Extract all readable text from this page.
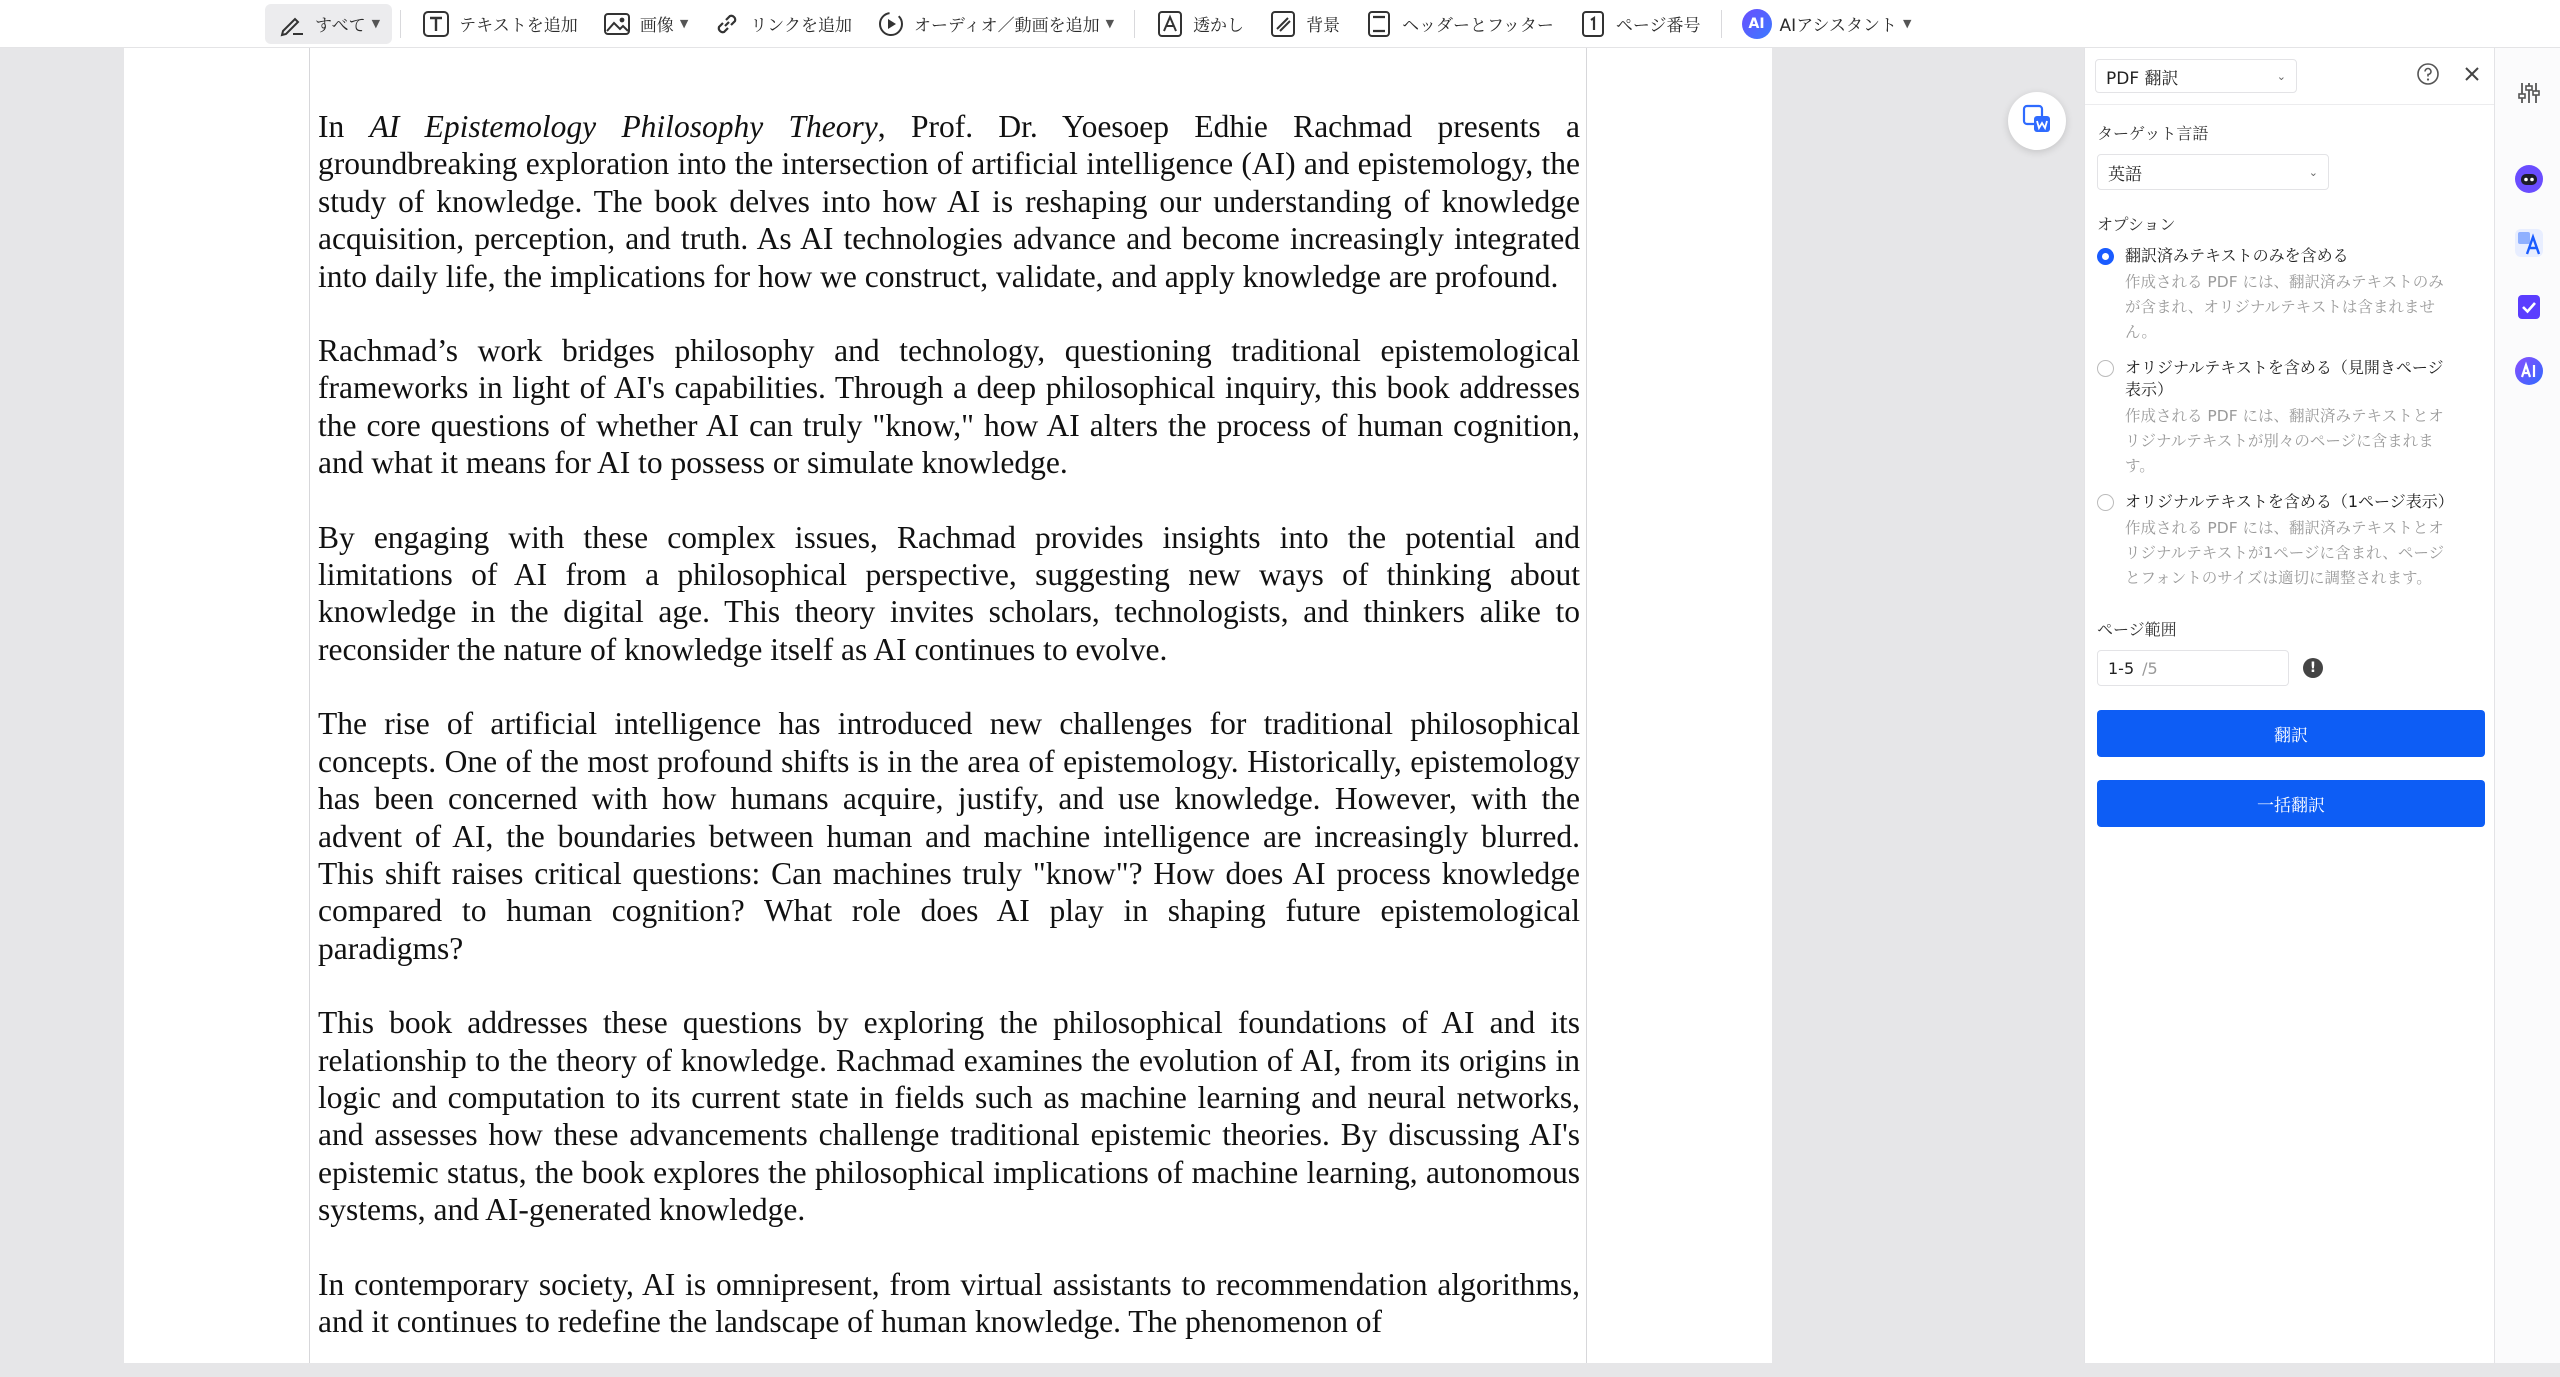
すべて ▼	テキストを追加	画像 ▼	リンクを追加	オーディオ／動画を追加 ▼	透かし	背景	ヘッダーとフッター	ページ番号	AI AIアシスタント ▼

In AI Epistemology Philosophy Theory, Prof. Dr. Yoesoep Edhie Rachmad presents a groundbreaking exploration into the intersection of artificial intelligence (AI) and epistemology, the study of knowledge. The book delves into how AI is reshaping our understanding of knowledge acquisition, perception, and truth. As AI technologies advance and become increasingly integrated into daily life, the implications for how we construct, validate, and apply knowledge are profound.

Rachmad’s work bridges philosophy and technology, questioning traditional epistemological frameworks in light of AI's capabilities. Through a deep philosophical inquiry, this book addresses the core questions of whether AI can truly "know," how AI alters the process of human cognition, and what it means for AI to possess or simulate knowledge.

By engaging with these complex issues, Rachmad provides insights into the potential and limitations of AI from a philosophical perspective, suggesting new ways of thinking about knowledge in the digital age. This theory invites scholars, technologists, and thinkers alike to reconsider the nature of knowledge itself as AI continues to evolve.

The rise of artificial intelligence has introduced new challenges for traditional philosophical concepts. One of the most profound shifts is in the area of epistemology. Historically, epistemology has been concerned with how humans acquire, justify, and use knowledge. However, with the advent of AI, the boundaries between human and machine intelligence are increasingly blurred. This shift raises critical questions: Can machines truly "know"? How does AI process knowledge compared to human cognition? What role does AI play in shaping future epistemological paradigms?

This book addresses these questions by exploring the philosophical foundations of AI and its relationship to the theory of knowledge. Rachmad examines the evolution of AI, from its origins in logic and computation to its current state in fields such as machine learning and neural networks, and assesses how these advancements challenge traditional epistemic theories. By discussing AI's epistemic status, the book explores the philosophical implications of machine learning, autonomous systems, and AI-generated knowledge.

In contemporary society, AI is omnipresent, from virtual assistants to recommendation algorithms, and it continues to redefine the landscape of human knowledge. The phenomenon of

PDF 翻訳	⌄
ターゲット言語
英語	⌄
オプション
翻訳済みテキストのみを含める
作成される PDF には、翻訳済みテキストのみが含まれ、オリジナルテキストは含まれません。
オリジナルテキストを含める（見開きページ表示）
作成される PDF には、翻訳済みテキストとオリジナルテキストが別々のページに含まれます。
オリジナルテキストを含める（1ページ表示）
作成される PDF には、翻訳済みテキストとオリジナルテキストが1ページに含まれ、ページとフォントのサイズは適切に調整されます。
ページ範囲
1-5 /5	!
翻訳
一括翻訳
